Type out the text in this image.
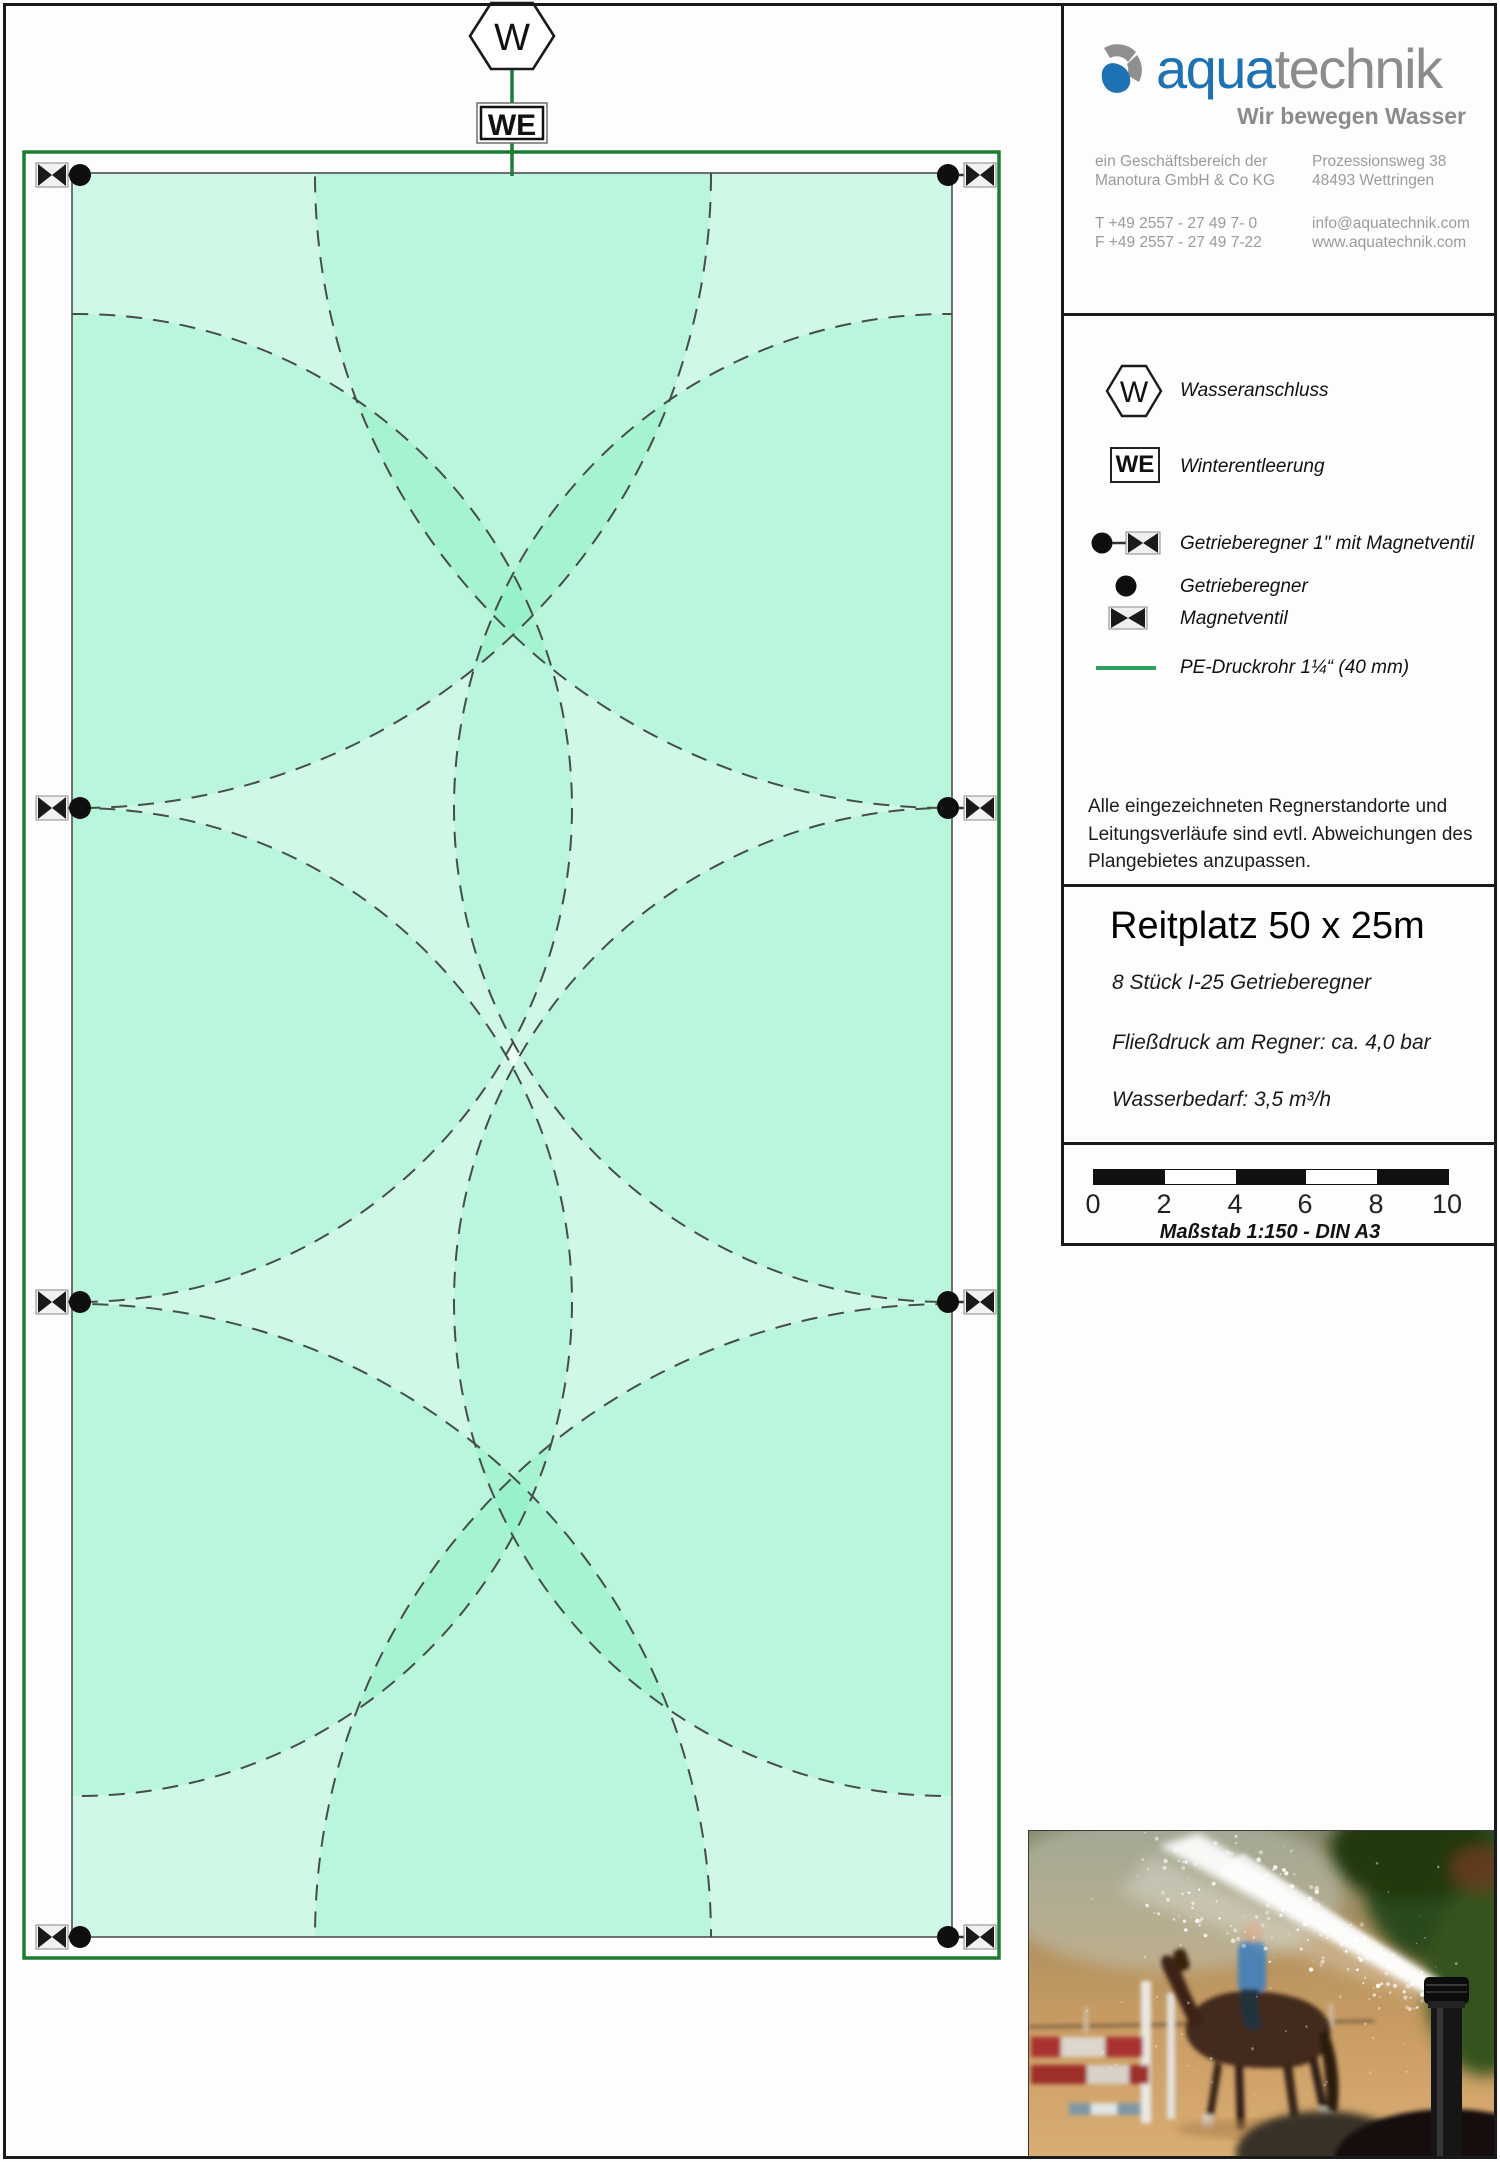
W
WE
aquatechnik
Wir bewegen Wasser
ein Geschäftsbereich der
Manotura GmbH & Co KG
Prozessionsweg 38
48493 Wettringen
T +49 2557 - 27 49 7- 0
F +49 2557 - 27 49 7-22
info@aquatechnik.com
www.aquatechnik.com
W Wasseranschluss
WE Winterentleerung
Getrieberegner 1" mit Magnetventil
Getrieberegner
Magnetventil
PE-Druckrohr 1¼“ (40 mm)
Alle eingezeichneten Regnerstandorte und Leitungsverläufe sind evtl. Abweichungen des Plangebietes anzupassen.
Reitplatz 50 x 25m
8 Stück I-25 Getrieberegner
Fließdruck am Regner: ca. 4,0 bar
Wasserbedarf: 3,5 m³/h
0	2	4	6	8	10
Maßstab 1:150 - DIN A3
